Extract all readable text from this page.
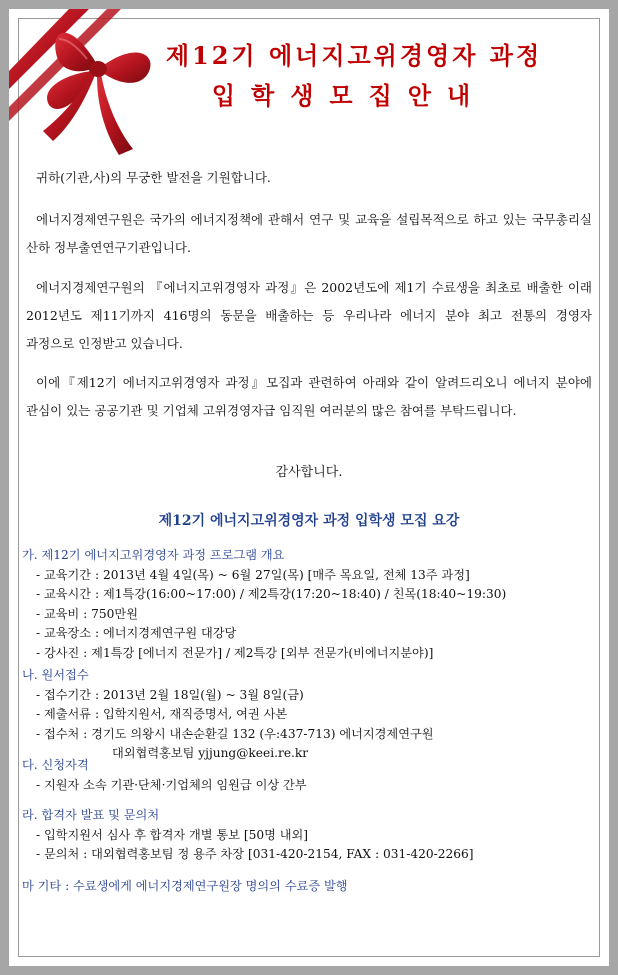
제12기 에너지고위경영자 과정
입학생모집안내
귀하(기관,사)의 무궁한 발전을 기원합니다.
에너지경제연구원은 국가의 에너지정책에 관해서 연구 및 교육을 설립목적으로 하고 있는 국무총리실 산하 정부출연연구기관입니다.
에너지경제연구원의 『에너지고위경영자 과정』은 2002년도에 제1기 수료생을 최초로 배출한 이래 2012년도 제11기까지 416명의 동문을 배출하는 등 우리나라 에너지 분야 최고 전통의 경영자 과정으로 인정받고 있습니다.
이에『제12기 에너지고위경영자 과정』모집과 관련하여 아래와 같이 알려드리오니 에너지 분야에 관심이 있는 공공기관 및 기업체 고위경영자급 임직원 여러분의 많은 참여를 부탁드립니다.
감사합니다.
제12기 에너지고위경영자 과정 입학생 모집 요강
가. 제12기 에너지고위경영자 과정 프로그램 개요
- 교육기간 : 2013년 4월 4일(목) ~ 6월 27일(목) [매주 목요일, 전체 13주 과정]
- 교육시간 : 제1특강(16:00~17:00) / 제2특강(17:20~18:40) / 친목(18:40~19:30)
- 교육비 : 750만원
- 교육장소 : 에너지경제연구원 대강당
- 강사진 : 제1특강 [에너지 전문가] / 제2특강 [외부 전문가(비에너지분야)]
나. 원서접수
- 접수기간 : 2013년 2월 18일(월) ~ 3월 8일(금)
- 제출서류 : 입학지원서, 재직증명서, 여권 사본
- 접수처 : 경기도 의왕시 내손순환길 132 (우:437-713) 에너지경제연구원
대외협력홍보팀 yjjung@keei.re.kr
다. 신청자격
- 지원자 소속 기관·단체·기업체의 임원급 이상 간부
라. 합격자 발표 및 문의처
- 입학지원서 심사 후 합격자 개별 통보 [50명 내외]
- 문의처 : 대외협력홍보팀 정 용주 차장 [031-420-2154, FAX : 031-420-2266]
마 기타 : 수료생에게 에너지경제연구원장 명의의 수료증 발행
